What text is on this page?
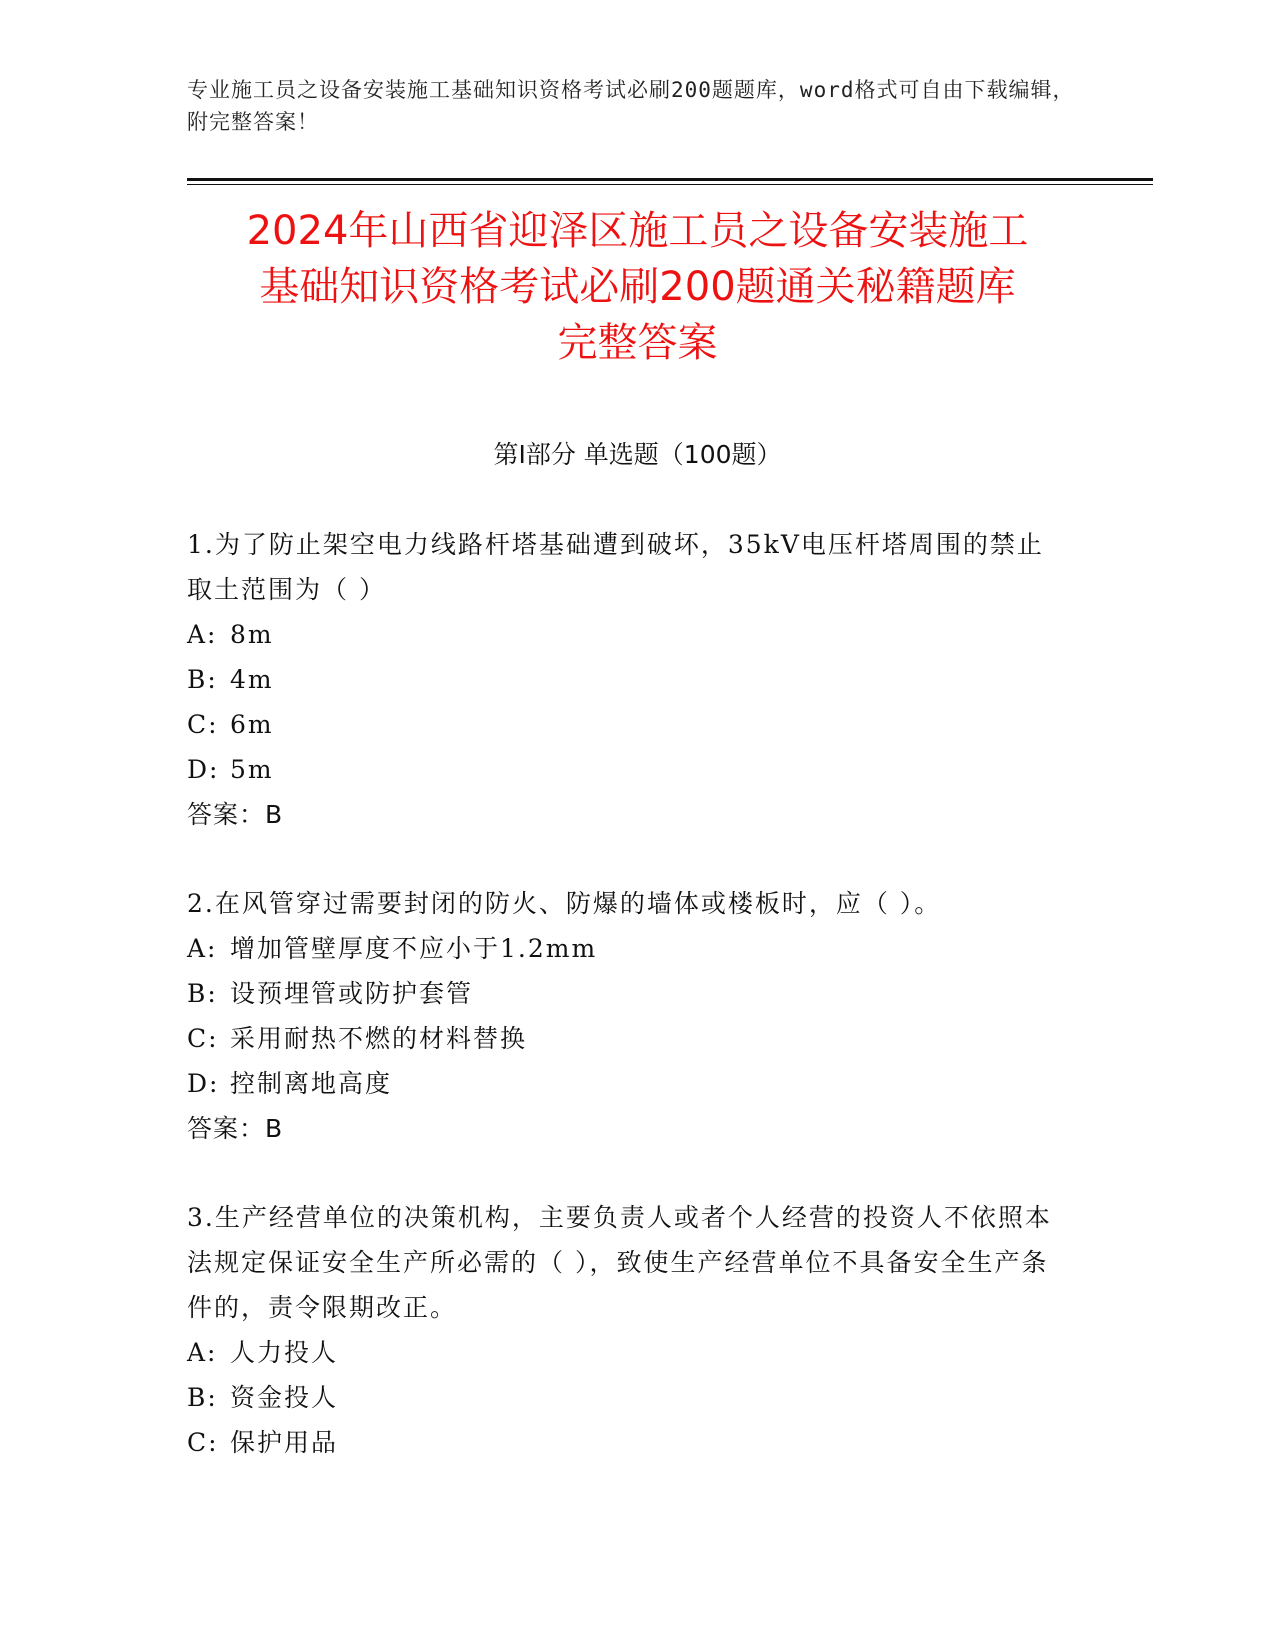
专业施工员之设备安装施工基础知识资格考试必刷200题题库，word格式可自由下载编辑，附完整答案！
2024年山西省迎泽区施工员之设备安装施工
基础知识资格考试必刷200题通关秘籍题库
完整答案
第Ⅰ部分 单选题（100题）
1.为了防止架空电力线路杆塔基础遭到破坏，35kV电压杆塔周围的禁止取土范围为（ ）
A: 8m
B: 4m
C: 6m
D: 5m
答案：B
2.在风管穿过需要封闭的防火、防爆的墙体或楼板时，应（ ）。
A: 增加管壁厚度不应小于1.2mm
B: 设预埋管或防护套管
C: 采用耐热不燃的材料替换
D: 控制离地高度
答案：B
3.生产经营单位的决策机构，主要负责人或者个人经营的投资人不依照本法规定保证安全生产所必需的（ ），致使生产经营单位不具备安全生产条件的，责令限期改正。
A: 人力投人
B: 资金投人
C: 保护用品
